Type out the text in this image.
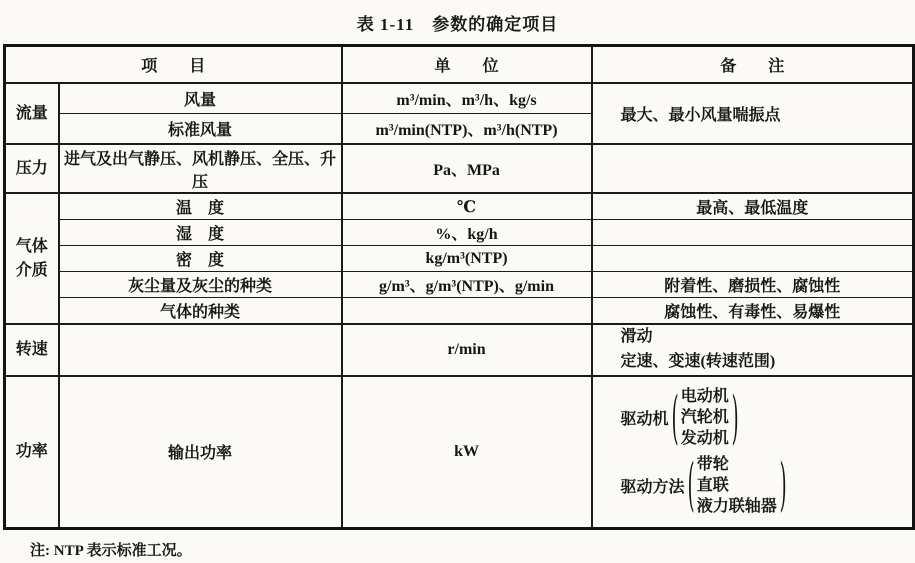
表 1-11　参数的确定项目
项　　目		单　　位	备　　注

流量	风量	m³/min、m³/h、kg/s	最大、最小风量喘振点
	标准风量	m³/min(NTP)、m³/h(NTP)	

压力	进气及出气静压、风机静压、全压、升压	Pa、MPa	

气体介质	温　度	℃	最高、最低温度
	湿　度	%、kg/h	
	密　度	kg/m³(NTP)	
	灰尘量及灰尘的种类	g/m³、g/m³(NTP)、g/min	附着性、磨损性、腐蚀性
	气体的种类		腐蚀性、有毒性、易爆性

转速		r/min	滑动
定速、变速(转速范围)

功率	输出功率	kW	
驱动机 ( 电动机
汽轮机
发动机 )
驱动方法 ( 带轮
直联
液力联轴器 )
注: NTP 表示标准工况。
